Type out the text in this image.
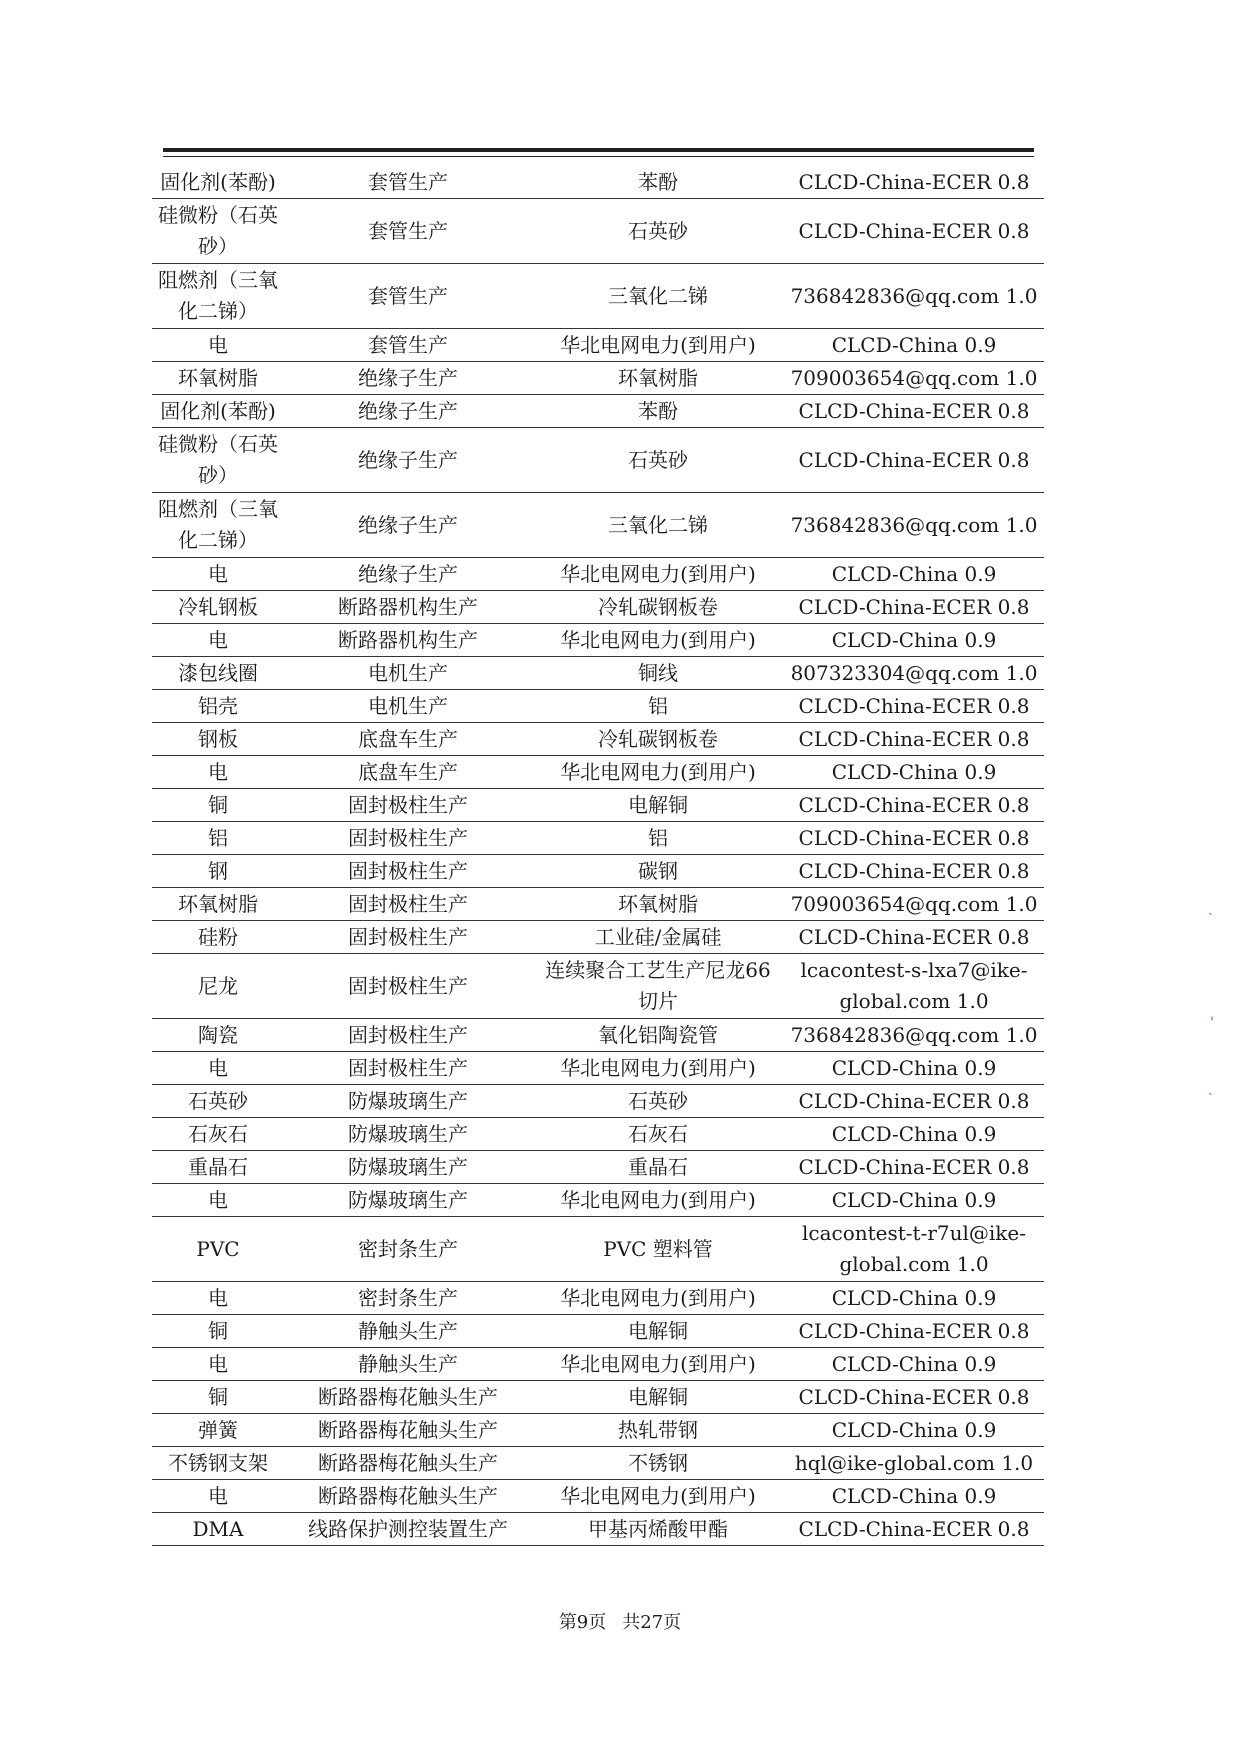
固化剂(苯酚)	套管生产	苯酚	CLCD-China-ECER 0.8
硅微粉（石英砂）	套管生产	石英砂	CLCD-China-ECER 0.8
阻燃剂（三氧化二锑）	套管生产	三氧化二锑	736842836@qq.com 1.0
电	套管生产	华北电网电力(到用户)	CLCD-China 0.9
环氧树脂	绝缘子生产	环氧树脂	709003654@qq.com 1.0
固化剂(苯酚)	绝缘子生产	苯酚	CLCD-China-ECER 0.8
硅微粉（石英砂）	绝缘子生产	石英砂	CLCD-China-ECER 0.8
阻燃剂（三氧化二锑）	绝缘子生产	三氧化二锑	736842836@qq.com 1.0
电	绝缘子生产	华北电网电力(到用户)	CLCD-China 0.9
冷轧钢板	断路器机构生产	冷轧碳钢板卷	CLCD-China-ECER 0.8
电	断路器机构生产	华北电网电力(到用户)	CLCD-China 0.9
漆包线圈	电机生产	铜线	807323304@qq.com 1.0
铝壳	电机生产	铝	CLCD-China-ECER 0.8
钢板	底盘车生产	冷轧碳钢板卷	CLCD-China-ECER 0.8
电	底盘车生产	华北电网电力(到用户)	CLCD-China 0.9
铜	固封极柱生产	电解铜	CLCD-China-ECER 0.8
铝	固封极柱生产	铝	CLCD-China-ECER 0.8
钢	固封极柱生产	碳钢	CLCD-China-ECER 0.8
环氧树脂	固封极柱生产	环氧树脂	709003654@qq.com 1.0
硅粉	固封极柱生产	工业硅/金属硅	CLCD-China-ECER 0.8
尼龙	固封极柱生产	连续聚合工艺生产尼龙66 切片	lcacontest-s-lxa7@ike-global.com 1.0
陶瓷	固封极柱生产	氧化铝陶瓷管	736842836@qq.com 1.0
电	固封极柱生产	华北电网电力(到用户)	CLCD-China 0.9
石英砂	防爆玻璃生产	石英砂	CLCD-China-ECER 0.8
石灰石	防爆玻璃生产	石灰石	CLCD-China 0.9
重晶石	防爆玻璃生产	重晶石	CLCD-China-ECER 0.8
电	防爆玻璃生产	华北电网电力(到用户)	CLCD-China 0.9
PVC	密封条生产	PVC 塑料管	lcacontest-t-r7ul@ike-global.com 1.0
电	密封条生产	华北电网电力(到用户)	CLCD-China 0.9
铜	静触头生产	电解铜	CLCD-China-ECER 0.8
电	静触头生产	华北电网电力(到用户)	CLCD-China 0.9
铜	断路器梅花触头生产	电解铜	CLCD-China-ECER 0.8
弹簧	断路器梅花触头生产	热轧带钢	CLCD-China 0.9
不锈钢支架	断路器梅花触头生产	不锈钢	hql@ike-global.com 1.0
电	断路器梅花触头生产	华北电网电力(到用户)	CLCD-China 0.9
DMA	线路保护测控装置生产	甲基丙烯酸甲酯	CLCD-China-ECER 0.8
第9页 共27页
ˎ
'
ˎ
